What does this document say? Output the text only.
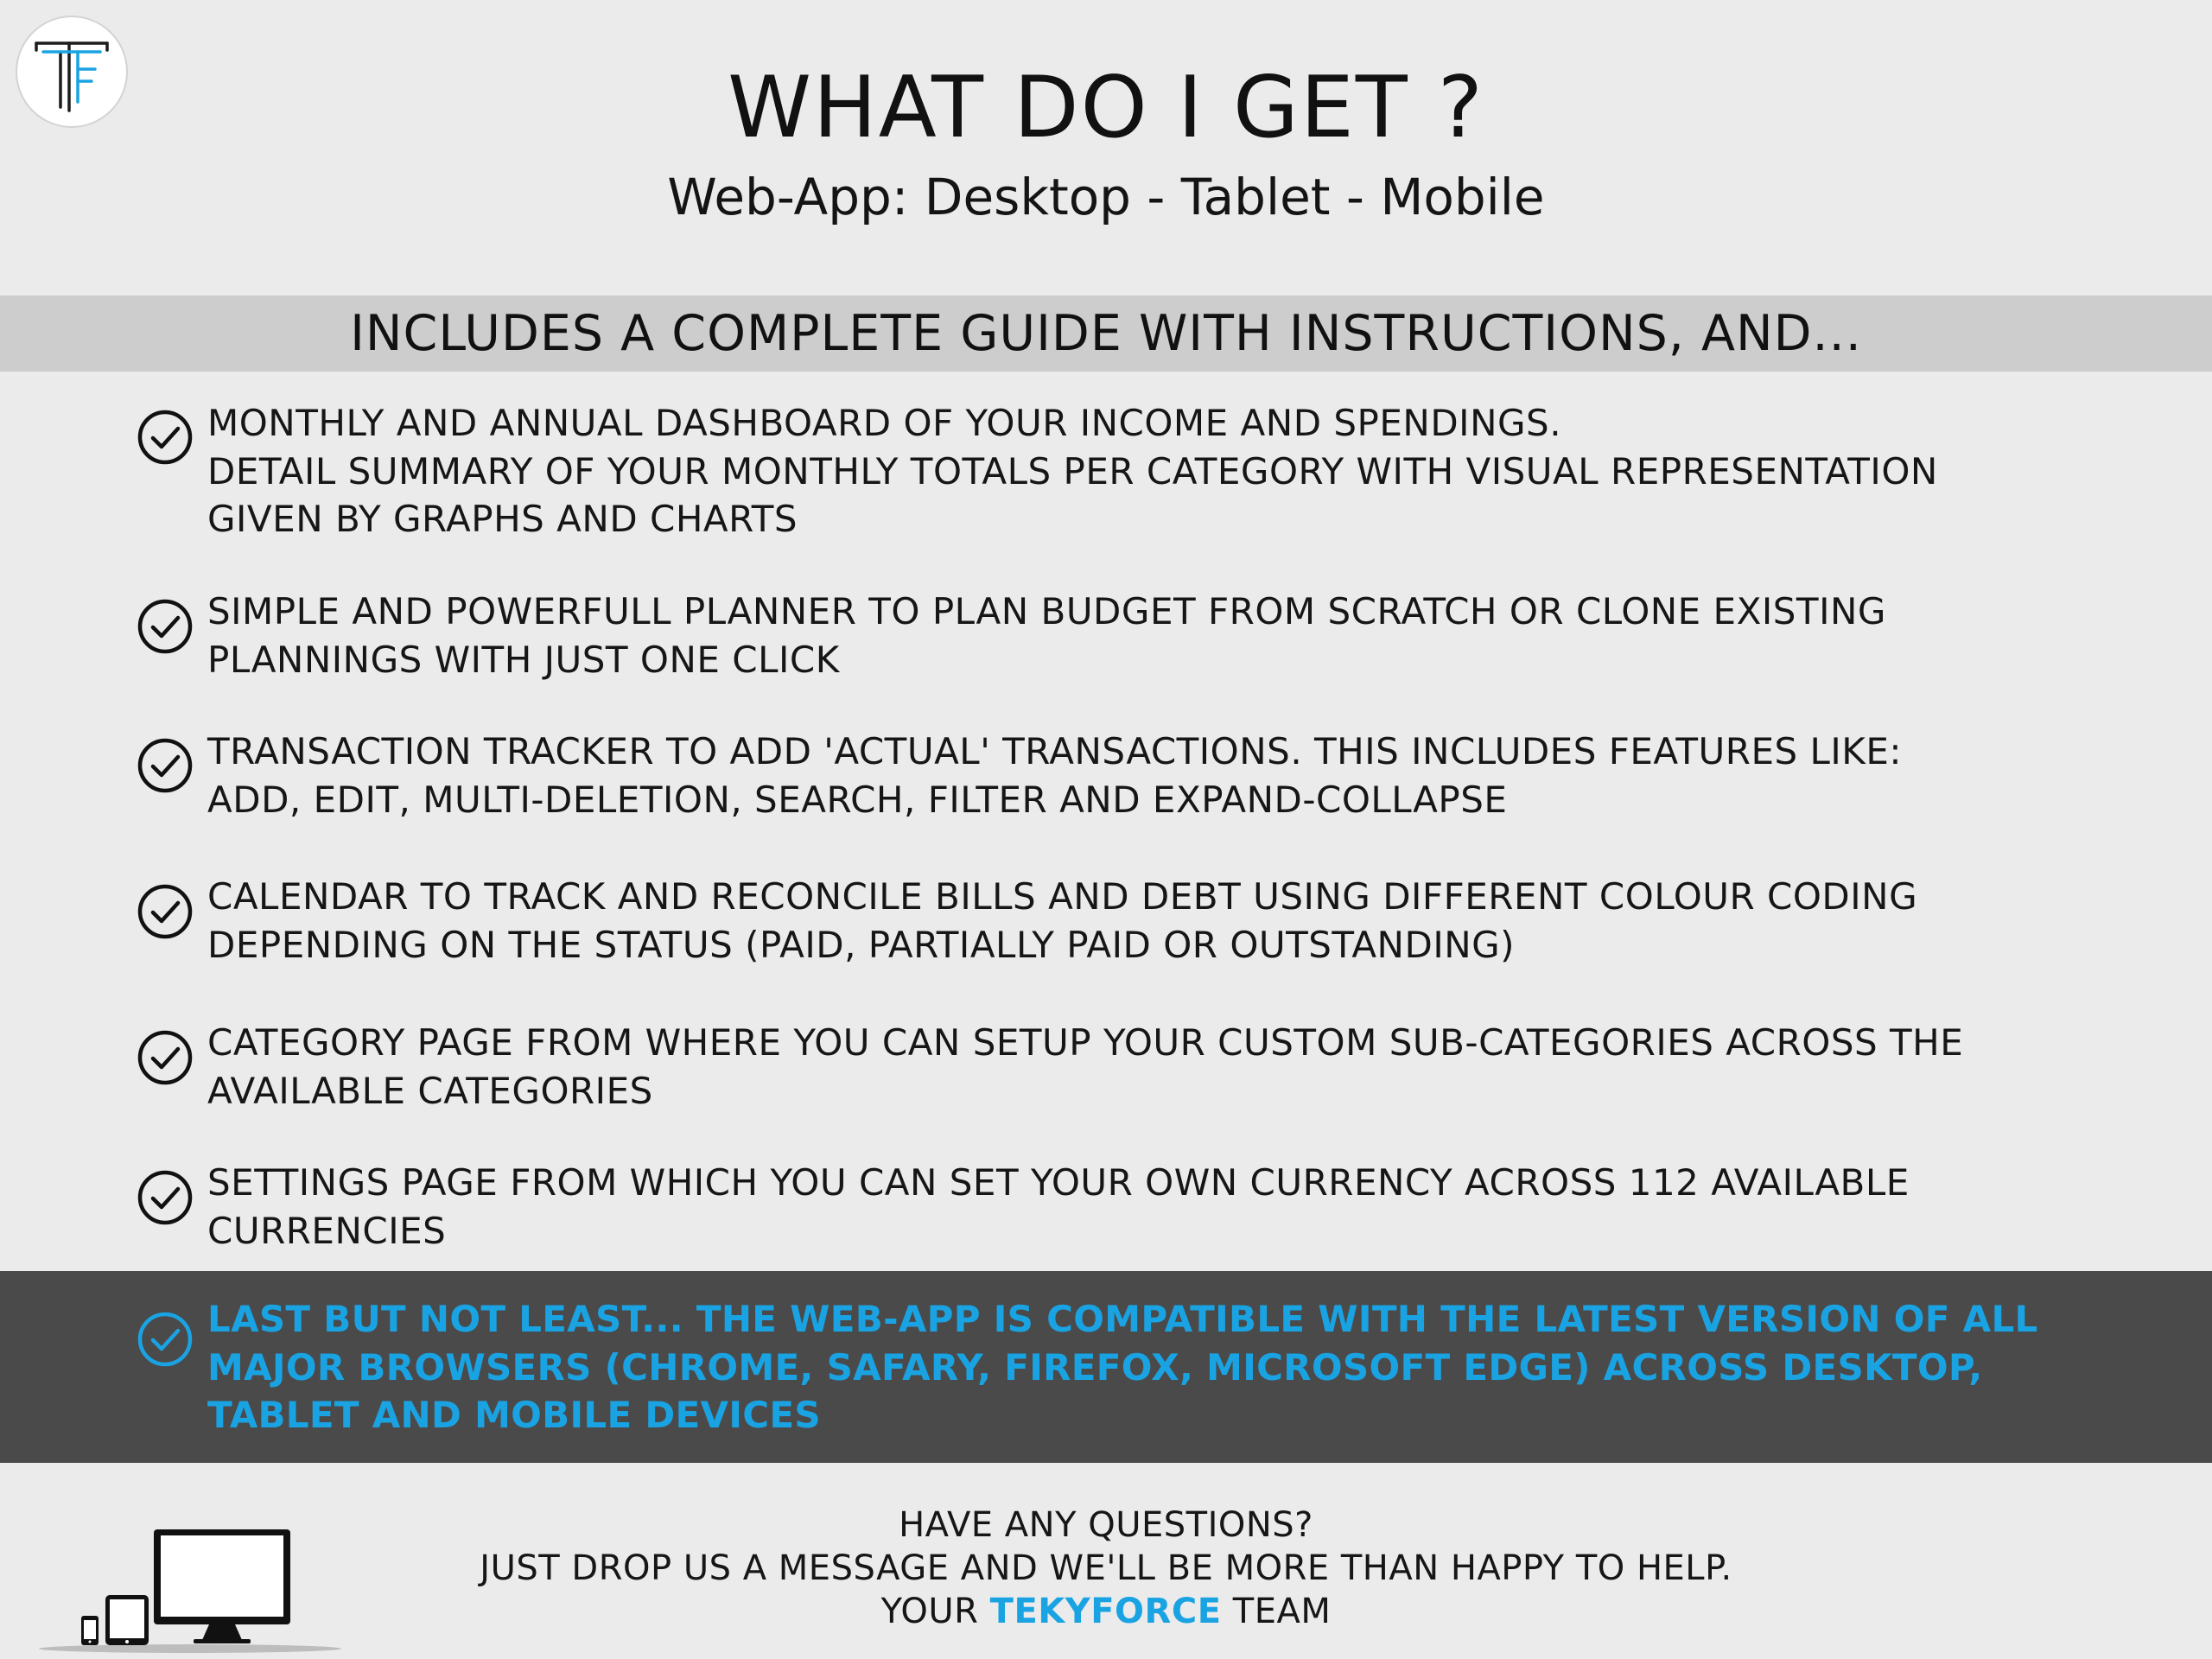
WHAT DO I GET ?
Web-App: Desktop - Tablet - Mobile
INCLUDES A COMPLETE GUIDE WITH INSTRUCTIONS, AND...
MONTHLY AND ANNUAL DASHBOARD OF YOUR INCOME AND SPENDINGS.
DETAIL SUMMARY OF YOUR MONTHLY TOTALS PER CATEGORY WITH VISUAL REPRESENTATION
GIVEN BY GRAPHS AND CHARTS
SIMPLE AND POWERFULL PLANNER TO PLAN BUDGET FROM SCRATCH OR CLONE EXISTING
PLANNINGS WITH JUST ONE CLICK
TRANSACTION TRACKER TO ADD 'ACTUAL' TRANSACTIONS. THIS INCLUDES FEATURES LIKE:
ADD, EDIT, MULTI-DELETION, SEARCH, FILTER AND EXPAND-COLLAPSE
CALENDAR TO TRACK AND RECONCILE BILLS AND DEBT USING DIFFERENT COLOUR CODING
DEPENDING ON THE STATUS (PAID, PARTIALLY PAID OR OUTSTANDING)
CATEGORY PAGE FROM WHERE YOU CAN SETUP YOUR CUSTOM SUB-CATEGORIES ACROSS THE
AVAILABLE CATEGORIES
SETTINGS PAGE FROM WHICH YOU CAN SET YOUR OWN CURRENCY ACROSS 112 AVAILABLE
CURRENCIES
LAST BUT NOT LEAST... THE WEB-APP IS COMPATIBLE WITH THE LATEST VERSION OF ALL
MAJOR BROWSERS (CHROME, SAFARY, FIREFOX, MICROSOFT EDGE) ACROSS DESKTOP,
TABLET AND MOBILE DEVICES
HAVE ANY QUESTIONS?
JUST DROP US A MESSAGE AND WE'LL BE MORE THAN HAPPY TO HELP.
YOUR TEKYFORCE TEAM
